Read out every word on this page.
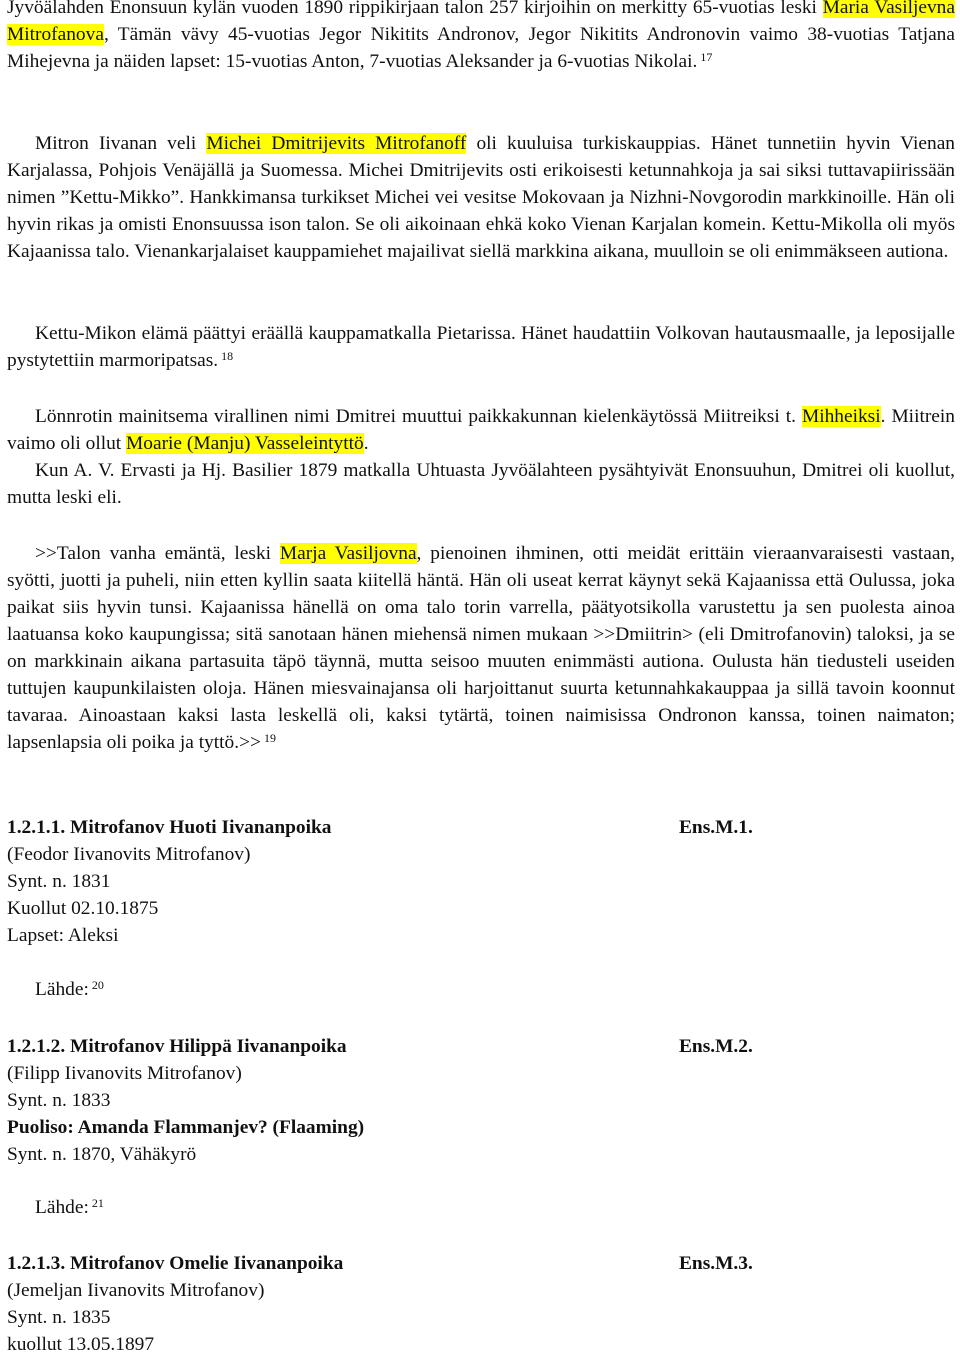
Jyvöälahden Enonsuun kylän vuoden 1890 rippikirjaan talon 257 kirjoihin on merkitty 65-vuotias leski Maria Vasiljevna Mitrofanova, Tämän vävy 45-vuotias Jegor Nikitits Andronov, Jegor Nikitits Andronovin vaimo 38-vuotias Tatjana Mihejevna ja näiden lapset: 15-vuotias Anton, 7-vuotias Aleksander ja 6-vuotias Nikolai. $^{17}$

Mitron Iivanan veli Michei Dmitrijevits Mitrofanoff oli kuuluisa turkiskauppias. Hänet tunnetiin hyvin Vienan Karjalassa, Pohjois Venäjällä ja Suomessa. Michei Dmitrijevits osti erikoisesti ketunnahkoja ja sai siksi tuttavapiirissään nimen ”Kettu-Mikko”. Hankkimansa turkikset Michei vei vesitse Mokovaan ja Nizhni-Novgorodin markkinoille. Hän oli hyvin rikas ja omisti Enonsuussa ison talon. Se oli aikoinaan ehkä koko Vienan Karjalan komein. Kettu-Mikolla oli myös Kajaanissa talo. Vienankarjalaiset kauppamiehet majailivat siellä markkina aikana, muulloin se oli enimmäkseen autiona.

Kettu-Mikon elämä päättyi eräällä kauppamatkalla Pietarissa. Hänet haudattiin Volkovan hautausmaalle, ja leposijalle pystytettiin marmoripatsas. $^{18}$

Lönnrotin mainitsema virallinen nimi Dmitrei muuttui paikkakunnan kielenkäytössä Miitreiksi t. Mihheiksi. Miitrein vaimo oli ollut Moarie (Manju) Vasseleintyttö.

Kun A. V. Ervasti ja Hj. Basilier 1879 matkalla Uhtuasta Jyvöälahteen pysähtyivät Enonsuuhun, Dmitrei oli kuollut, mutta leski eli.

>>Talon vanha emäntä, leski Marja Vasiljovna, pienoinen ihminen, otti meidät erittäin vieraanvaraisesti vastaan, syötti, juotti ja puheli, niin etten kyllin saata kiitellä häntä. Hän oli useat kerrat käynyt sekä Kajaanissa että Oulussa, joka paikat siis hyvin tunsi. Kajaanissa hänellä on oma talo torin varrella, päätyotsikolla varustettu ja sen puolesta ainoa laatuansa koko kaupungissa; sitä sanotaan hänen miehensä nimen mukaan >>Dmiitrin> (eli Dmitrofanovin) taloksi, ja se on markkinain aikana partasuita täpö täynnä, mutta seisoo muuten enimmästi autiona. Oulusta hän tiedusteli useiden tuttujen kaupunkilaisten oloja. Hänen miesvainajansa oli harjoittanut suurta ketunnahkakauppaa ja sillä tavoin koonnut tavaraa. Ainoastaan kaksi lasta leskellä oli, kaksi tytärtä, toinen naimisissa Ondronon kanssa, toinen naimaton; lapsenlapsia oli poika ja tyttö.>> $^{19}$

1.2.1.1. Mitrofanov Huoti Iivananpoika	Ens.M.1.
(Feodor Iivanovits Mitrofanov)
Synt. n. 1831
Kuollut 02.10.1875
Lapset: Aleksi
Lähde: $^{20}$
1.2.1.2. Mitrofanov Hilippä Iivananpoika	Ens.M.2.
(Filipp Iivanovits Mitrofanov)
Synt. n. 1833
Puoliso: Amanda Flammanjev? (Flaaming)
Synt. n. 1870, Vähäkyrö
Lähde: $^{21}$
1.2.1.3. Mitrofanov Omelie Iivananpoika	Ens.M.3.
(Jemeljan Iivanovits Mitrofanov)
Synt. n. 1835
kuollut 13.05.1897
